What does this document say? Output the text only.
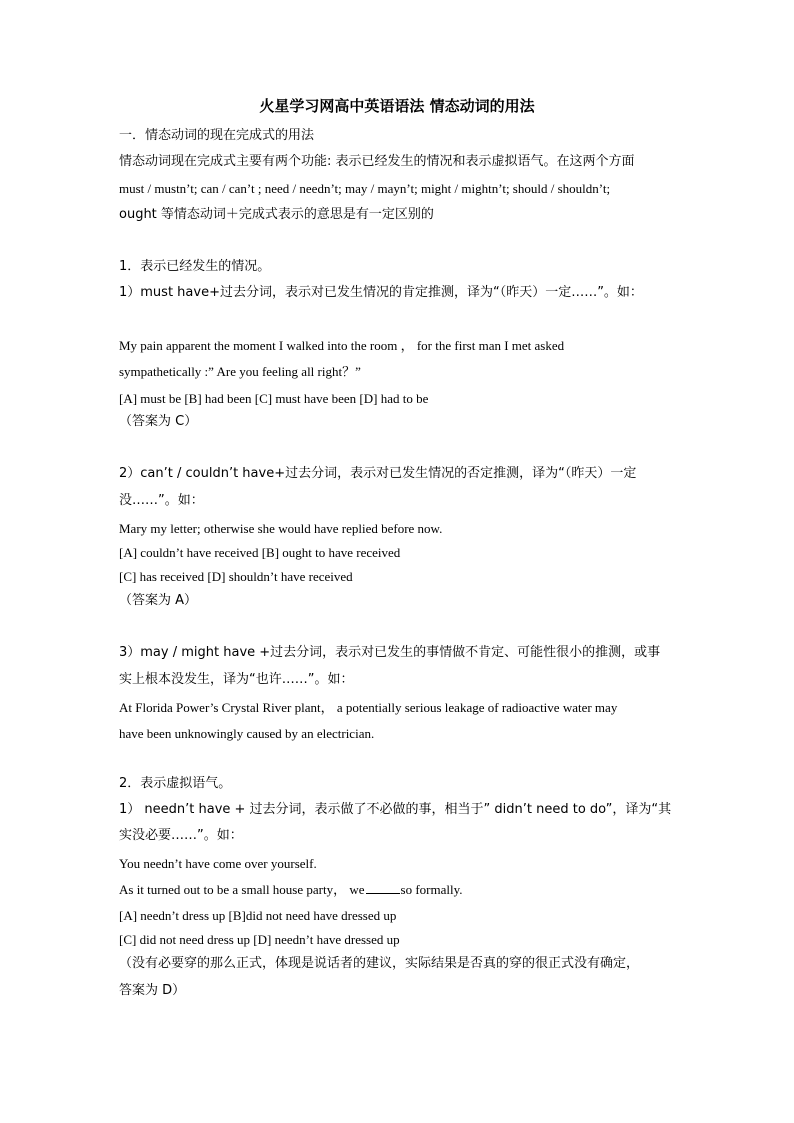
火星学习网高中英语语法 情态动词的用法
一．情态动词的现在完成式的用法
情态动词现在完成式主要有两个功能: 表示已经发生的情况和表示虚拟语气。在这两个方面
must / mustn’t; can / can’t ; need / needn’t; may / mayn’t; might / mightn’t; should / shouldn’t;
ought 等情态动词＋完成式表示的意思是有一定区别的
1．表示已经发生的情况。
1）must have+过去分词，表示对已发生情况的肯定推测，译为“（昨天）一定……”。如：
My pain apparent the moment I walked into the room ， for the first man I met asked
sympathetically :” Are you feeling all right？”
[A] must be [B] had been [C] must have been [D] had to be
（答案为 C）
2）can’t / couldn’t have+过去分词，表示对已发生情况的否定推测，译为“（昨天）一定
没……”。如：
Mary my letter; otherwise she would have replied before now.
[A] couldn’t have received [B] ought to have received
[C] has received [D] shouldn’t have received
（答案为 A）
3）may / might have +过去分词，表示对已发生的事情做不肯定、可能性很小的推测，或事
实上根本没发生，译为“也许……”。如：
At Florida Power’s Crystal River plant， a potentially serious leakage of radioactive water may
have been unknowingly caused by an electrician.
2．表示虚拟语气。
1） needn’t have + 过去分词，表示做了不必做的事，相当于” didn’t need to do”，译为“其
实没必要……”。如：
You needn’t have come over yourself.
As it turned out to be a small house party， we	so formally.
[A] needn’t dress up [B]did not need have dressed up
[C] did not need dress up [D] needn’t have dressed up
（没有必要穿的那么正式，体现是说话者的建议，实际结果是否真的穿的很正式没有确定，
答案为 D）
